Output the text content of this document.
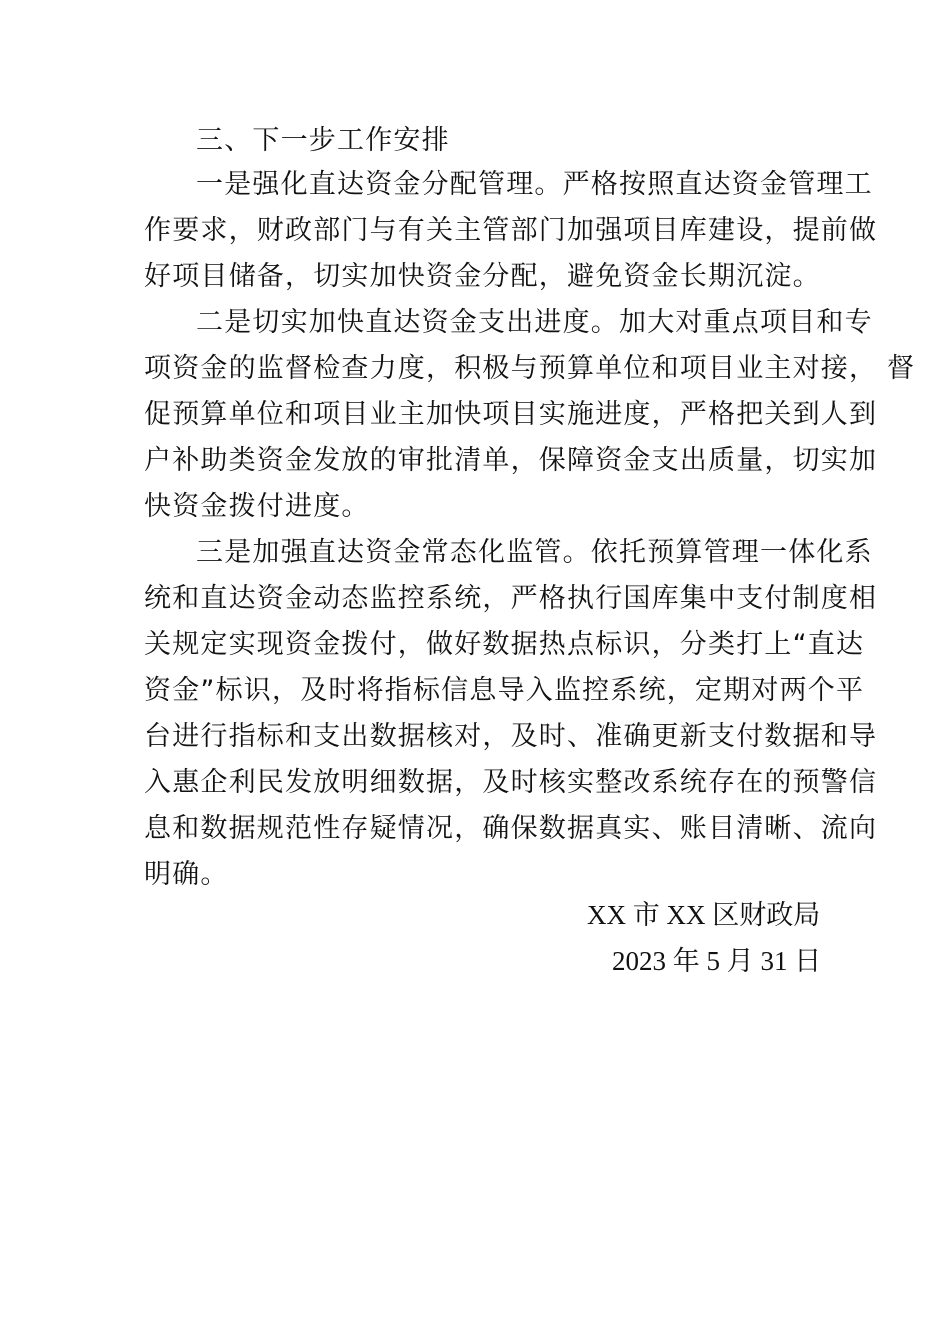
三、下一步工作安排
一是强化直达资金分配管理。严格按照直达资金管理工
作要求，财政部门与有关主管部门加强项目库建设，提前做
好项目储备，切实加快资金分配，避免资金长期沉淀。
二是切实加快直达资金支出进度。加大对重点项目和专
项资金的监督检查力度，积极与预算单位和项目业主对接， 督
促预算单位和项目业主加快项目实施进度，严格把关到人到
户补助类资金发放的审批清单，保障资金支出质量，切实加
快资金拨付进度。
三是加强直达资金常态化监管。依托预算管理一体化系
统和直达资金动态监控系统，严格执行国库集中支付制度相
关规定实现资金拨付，做好数据热点标识，分类打上“直达
资金”标识，及时将指标信息导入监控系统，定期对两个平
台进行指标和支出数据核对，及时、准确更新支付数据和导
入惠企利民发放明细数据，及时核实整改系统存在的预警信
息和数据规范性存疑情况，确保数据真实、账目清晰、流向
明确。
XX 市 XX 区财政局
2023 年 5 月 31 日
